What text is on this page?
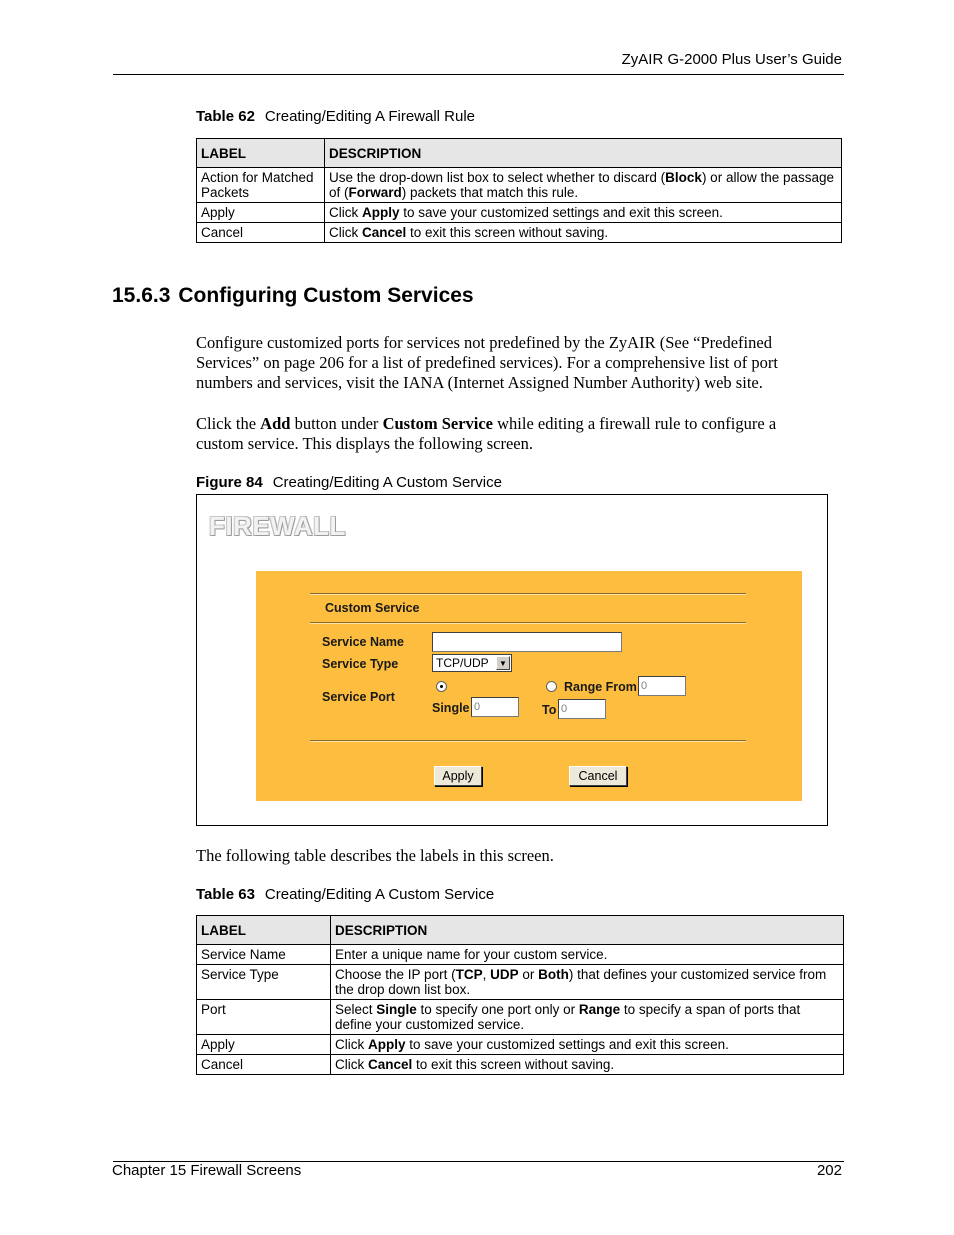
ZyAIR G-2000 Plus User’s Guide
Table 62 Creating/Editing A Firewall Rule
LABEL	DESCRIPTION
Action for Matched Packets	Use the drop-down list box to select whether to discard (Block) or allow the passage of (Forward) packets that match this rule.
Apply	Click Apply to save your customized settings and exit this screen.
Cancel	Click Cancel to exit this screen without saving.
15.6.3 Configuring Custom Services
Configure customized ports for services not predefined by the ZyAIR (See “Predefined Services” on page 206 for a list of predefined services). For a comprehensive list of port numbers and services, visit the IANA (Internet Assigned Number Authority) web site.
Click the Add button under Custom Service while editing a firewall rule to configure a custom service. This displays the following screen.
Figure 84 Creating/Editing A Custom Service
FIREWALL
Custom Service
Service Name
Service Type	TCP/UDP	▼
Service Port
Single
0
Range From
0
To
0
Apply	Cancel
The following table describes the labels in this screen.
Table 63 Creating/Editing A Custom Service
LABEL	DESCRIPTION
Service Name	Enter a unique name for your custom service.
Service Type	Choose the IP port (TCP, UDP or Both) that defines your customized service from the drop down list box.
Port	Select Single to specify one port only or Range to specify a span of ports that define your customized service.
Apply	Click Apply to save your customized settings and exit this screen.
Cancel	Click Cancel to exit this screen without saving.
Chapter 15 Firewall Screens	202
